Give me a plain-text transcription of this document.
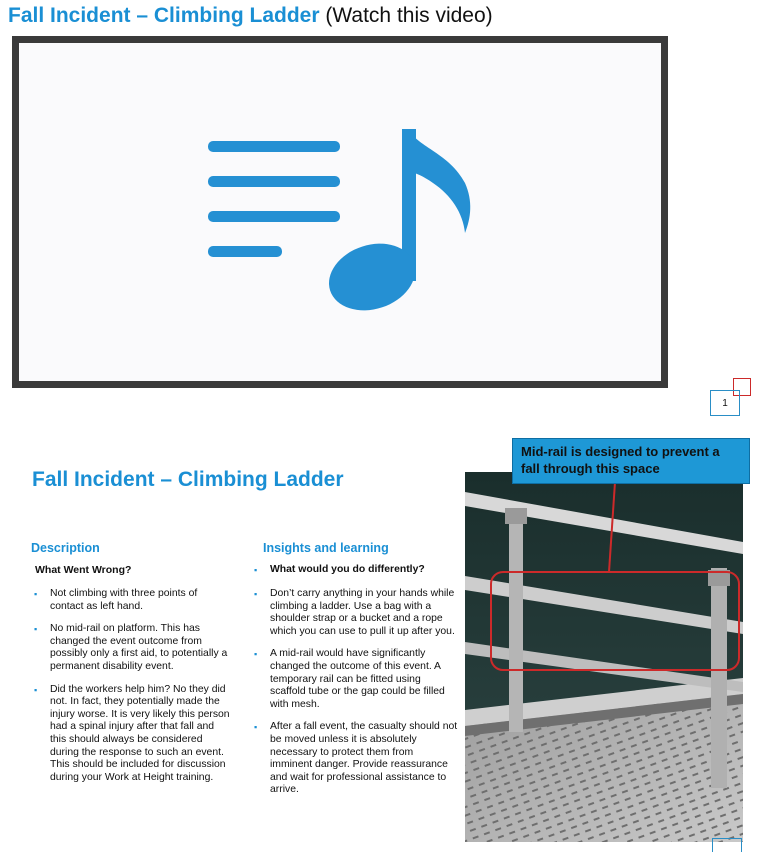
Fall Incident – Climbing Ladder (Watch this video)
1
Fall Incident – Climbing Ladder
Description
What Went Wrong?
▪ Not climbing with three points of contact as left hand.
▪ No mid-rail on platform. This has changed the event outcome from possibly only a first aid, to potentially a permanent disability event.
▪ Did the workers help him? No they did not. In fact, they potentially made the injury worse. It is very likely this person had a spinal injury after that fall and this should always be considered during the response to such an event. This should be included for discussion during your Work at Height training.
Insights and learning
▪ What would you do differently?
▪ Don’t carry anything in your hands while climbing a ladder. Use a bag with a shoulder strap or a bucket and a rope which you can use to pull it up after you.
▪ A mid-rail would have significantly changed the outcome of this event. A temporary rail can be fitted using scaffold tube or the gap could be filled with mesh.
▪ After a fall event, the casualty should not be moved unless it is absolutely necessary to protect them from imminent danger. Provide reassurance and wait for professional assistance to arrive.
Mid-rail is designed to prevent a fall through this space
